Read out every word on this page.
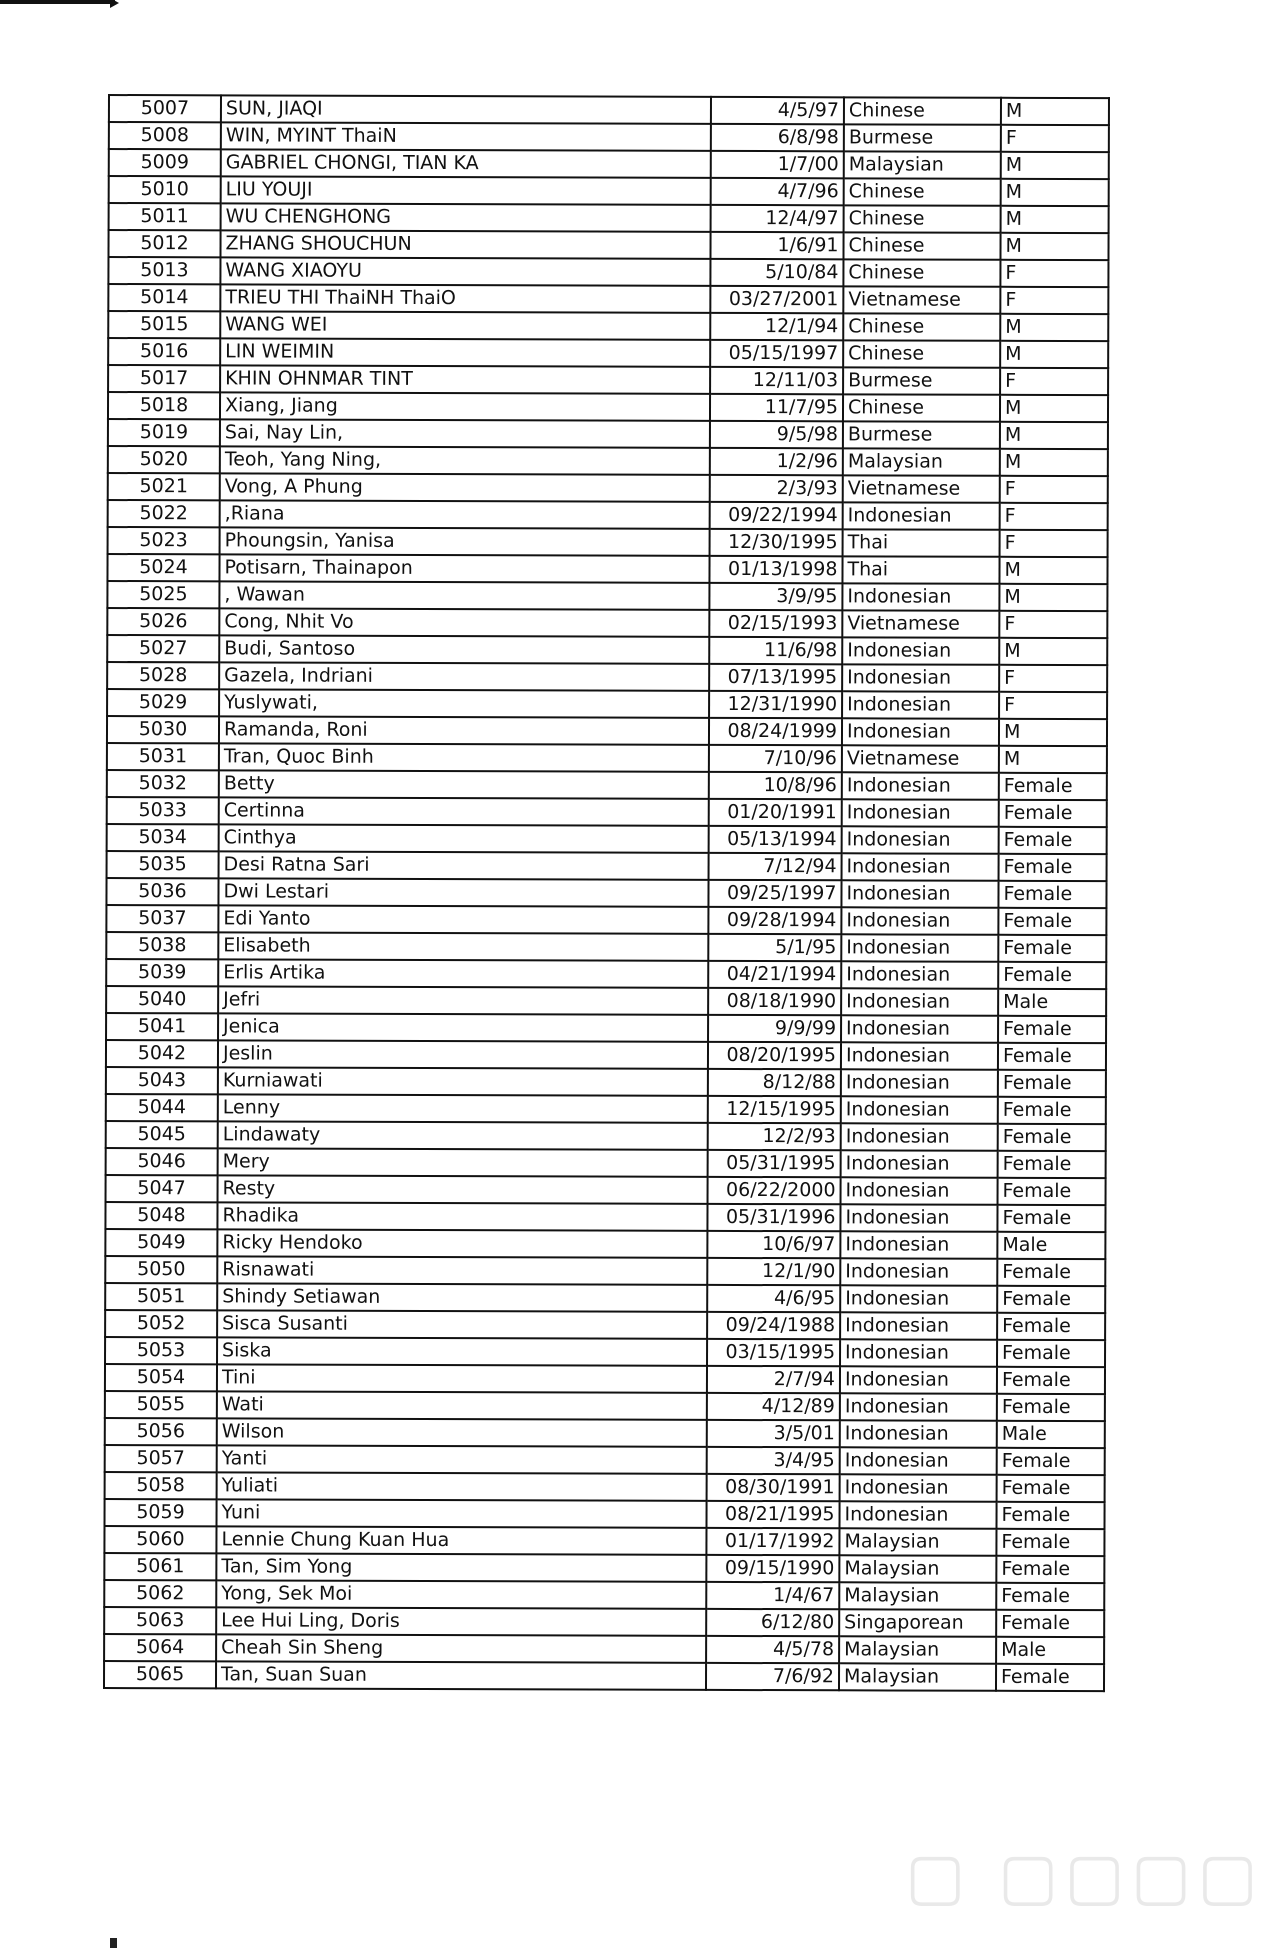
5007	SUN, JIAQI	4/5/97	Chinese	M
5008	WIN, MYINT ThaiN	6/8/98	Burmese	F
5009	GABRIEL CHONGI, TIAN KA	1/7/00	Malaysian	M
5010	LIU YOUJI	4/7/96	Chinese	M
5011	WU CHENGHONG	12/4/97	Chinese	M
5012	ZHANG SHOUCHUN	1/6/91	Chinese	M
5013	WANG XIAOYU	5/10/84	Chinese	F
5014	TRIEU THI ThaiNH ThaiO	03/27/2001	Vietnamese	F
5015	WANG WEI	12/1/94	Chinese	M
5016	LIN WEIMIN	05/15/1997	Chinese	M
5017	KHIN OHNMAR TINT	12/11/03	Burmese	F
5018	Xiang, Jiang	11/7/95	Chinese	M
5019	Sai, Nay Lin,	9/5/98	Burmese	M
5020	Teoh, Yang Ning,	1/2/96	Malaysian	M
5021	Vong, A Phung	2/3/93	Vietnamese	F
5022	,Riana	09/22/1994	Indonesian	F
5023	Phoungsin, Yanisa	12/30/1995	Thai	F
5024	Potisarn, Thainapon	01/13/1998	Thai	M
5025	, Wawan	3/9/95	Indonesian	M
5026	Cong, Nhit Vo	02/15/1993	Vietnamese	F
5027	Budi, Santoso	11/6/98	Indonesian	M
5028	Gazela, Indriani	07/13/1995	Indonesian	F
5029	Yuslywati,	12/31/1990	Indonesian	F
5030	Ramanda, Roni	08/24/1999	Indonesian	M
5031	Tran, Quoc Binh	7/10/96	Vietnamese	M
5032	Betty	10/8/96	Indonesian	Female
5033	Certinna	01/20/1991	Indonesian	Female
5034	Cinthya	05/13/1994	Indonesian	Female
5035	Desi Ratna Sari	7/12/94	Indonesian	Female
5036	Dwi Lestari	09/25/1997	Indonesian	Female
5037	Edi Yanto	09/28/1994	Indonesian	Female
5038	Elisabeth	5/1/95	Indonesian	Female
5039	Erlis Artika	04/21/1994	Indonesian	Female
5040	Jefri	08/18/1990	Indonesian	Male
5041	Jenica	9/9/99	Indonesian	Female
5042	Jeslin	08/20/1995	Indonesian	Female
5043	Kurniawati	8/12/88	Indonesian	Female
5044	Lenny	12/15/1995	Indonesian	Female
5045	Lindawaty	12/2/93	Indonesian	Female
5046	Mery	05/31/1995	Indonesian	Female
5047	Resty	06/22/2000	Indonesian	Female
5048	Rhadika	05/31/1996	Indonesian	Female
5049	Ricky Hendoko	10/6/97	Indonesian	Male
5050	Risnawati	12/1/90	Indonesian	Female
5051	Shindy Setiawan	4/6/95	Indonesian	Female
5052	Sisca Susanti	09/24/1988	Indonesian	Female
5053	Siska	03/15/1995	Indonesian	Female
5054	Tini	2/7/94	Indonesian	Female
5055	Wati	4/12/89	Indonesian	Female
5056	Wilson	3/5/01	Indonesian	Male
5057	Yanti	3/4/95	Indonesian	Female
5058	Yuliati	08/30/1991	Indonesian	Female
5059	Yuni	08/21/1995	Indonesian	Female
5060	Lennie Chung Kuan Hua	01/17/1992	Malaysian	Female
5061	Tan, Sim Yong	09/15/1990	Malaysian	Female
5062	Yong, Sek Moi	1/4/67	Malaysian	Female
5063	Lee Hui Ling, Doris	6/12/80	Singaporean	Female
5064	Cheah Sin Sheng	4/5/78	Malaysian	Male
5065	Tan, Suan Suan	7/6/92	Malaysian	Female
▢ ▢▢▢▢
